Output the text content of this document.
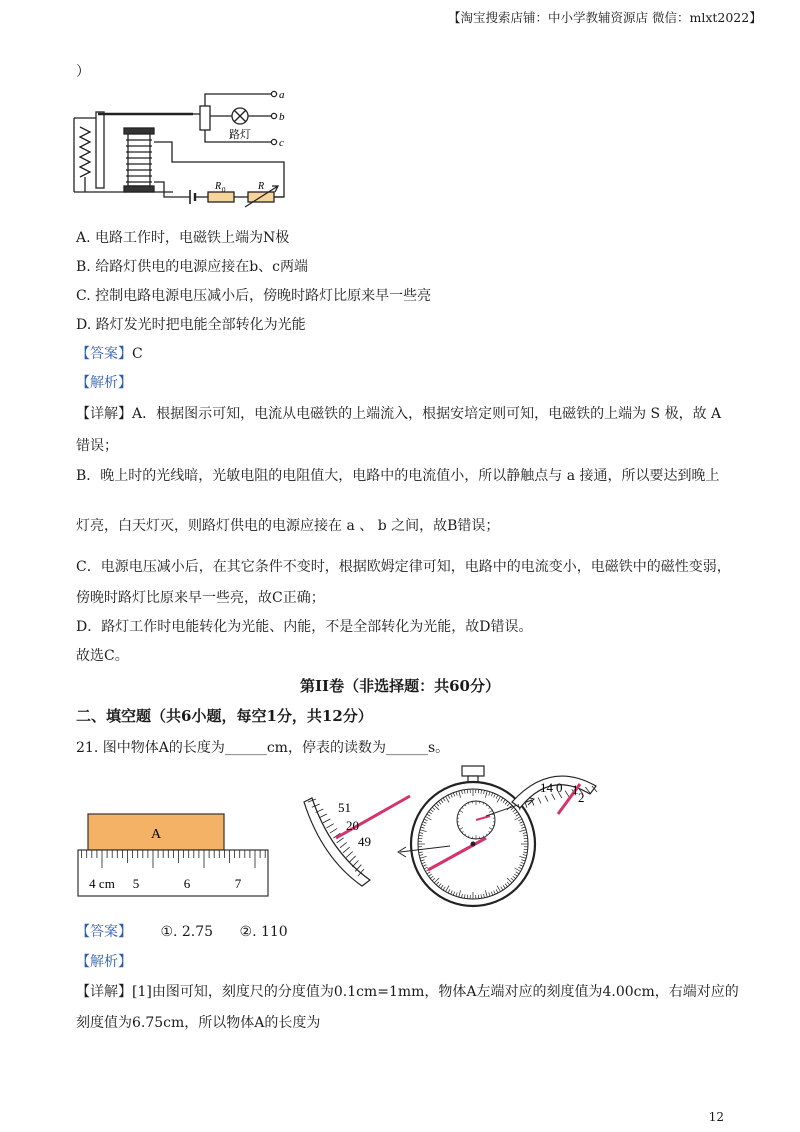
【淘宝搜索店铺：中小学教辅资源店 微信：mlxt2022】
）
a
b
c
路灯
R 0	R
A. 电路工作时，电磁铁上端为N极
B. 给路灯供电的电源应接在b、c两端
C. 控制电路电源电压减小后，傍晚时路灯比原来早一些亮
D. 路灯发光时把电能全部转化为光能
【答案】C
【解析】
【详解】A．根据图示可知，电流从电磁铁的上端流入，根据安培定则可知，电磁铁的上端为 S 极，故 A
错误；
B．晚上时的光线暗，光敏电阻的电阻值大，电路中的电流值小，所以静触点与 a 接通，所以要达到晚上
灯亮，白天灯灭，则路灯供电的电源应接在 a 、 b 之间，故B错误；
C．电源电压减小后，在其它条件不变时，根据欧姆定律可知，电路中的电流变小，电磁铁中的磁性变弱，
傍晚时路灯比原来早一些亮，故C正确；
D．路灯工作时电能转化为光能、内能，不是全部转化为光能，故D错误。
故选C。
第II卷（非选择题：共60分）
二、填空题（共6小题，每空1分，共12分）
21. 图中物体A的长度为______cm，停表的读数为______s。
A
4 cm 5	6	7
51
20
49
14 0 1
2
【答案】 ①. 2.75 ②. 110
【解析】
【详解】[1]由图可知，刻度尺的分度值为0.1cm=1mm，物体A左端对应的刻度值为4.00cm，右端对应的
刻度值为6.75cm，所以物体A的长度为
12
